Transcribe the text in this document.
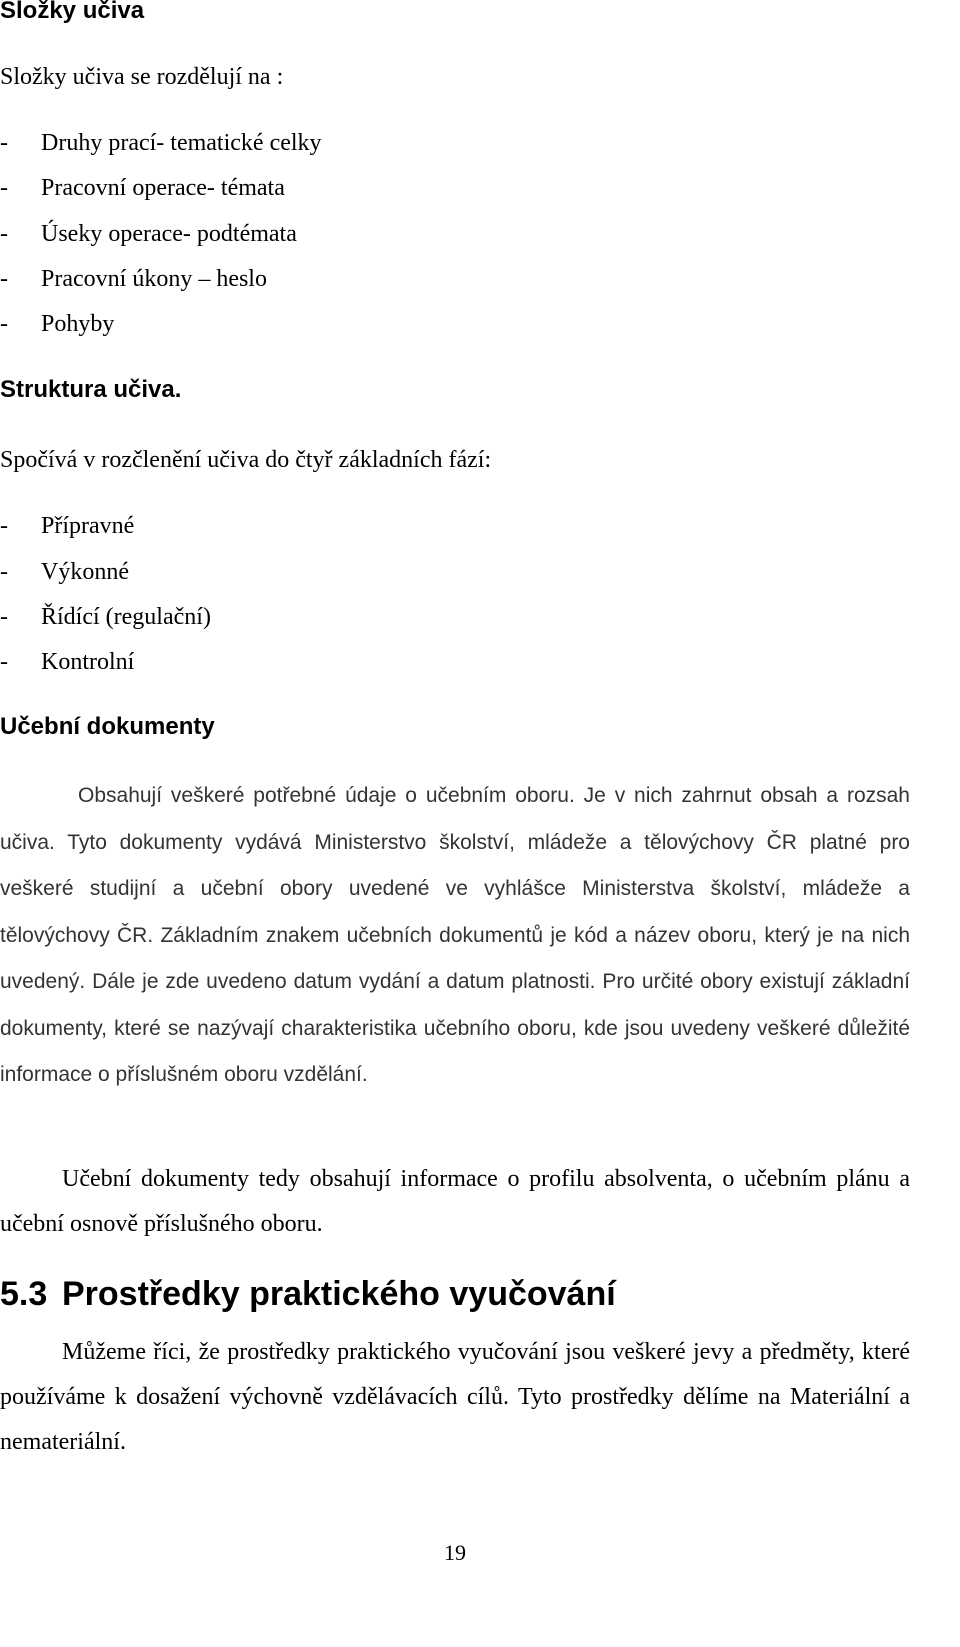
Složky učiva

Složky učiva se rozdělují na :

- Druhy prací- tematické celky

- Pracovní operace- témata

- Úseky operace- podtémata

- Pracovní úkony – heslo

- Pohyby

Struktura učiva.

Spočívá v rozčlenění učiva do čtyř základních fází:

- Přípravné

- Výkonné

- Řídící (regulační)

- Kontrolní

Učební dokumenty

Obsahují veškeré potřebné údaje o učebním oboru. Je v nich zahrnut obsah a rozsah učiva. Tyto dokumenty vydává Ministerstvo školství, mládeže a tělovýchovy ČR platné pro veškeré studijní a učební obory uvedené ve vyhlášce Ministerstva školství, mládeže a tělovýchovy ČR. Základním znakem učebních dokumentů je kód a název oboru, který je na nich uvedený. Dále je zde uvedeno datum vydání a datum platnosti. Pro určité obory existují základní dokumenty, které se nazývají charakteristika učebního oboru, kde jsou uvedeny veškeré důležité informace o příslušném oboru vzdělání.

Učební dokumenty tedy obsahují informace o profilu absolventa, o učebním plánu a učební osnově příslušného oboru.

5.3 Prostředky praktického vyučování

Můžeme říci, že prostředky praktického vyučování jsou veškeré jevy a předměty, které používáme k dosažení výchovně vzdělávacích cílů. Tyto prostředky dělíme na Materiální a nemateriální.

19
